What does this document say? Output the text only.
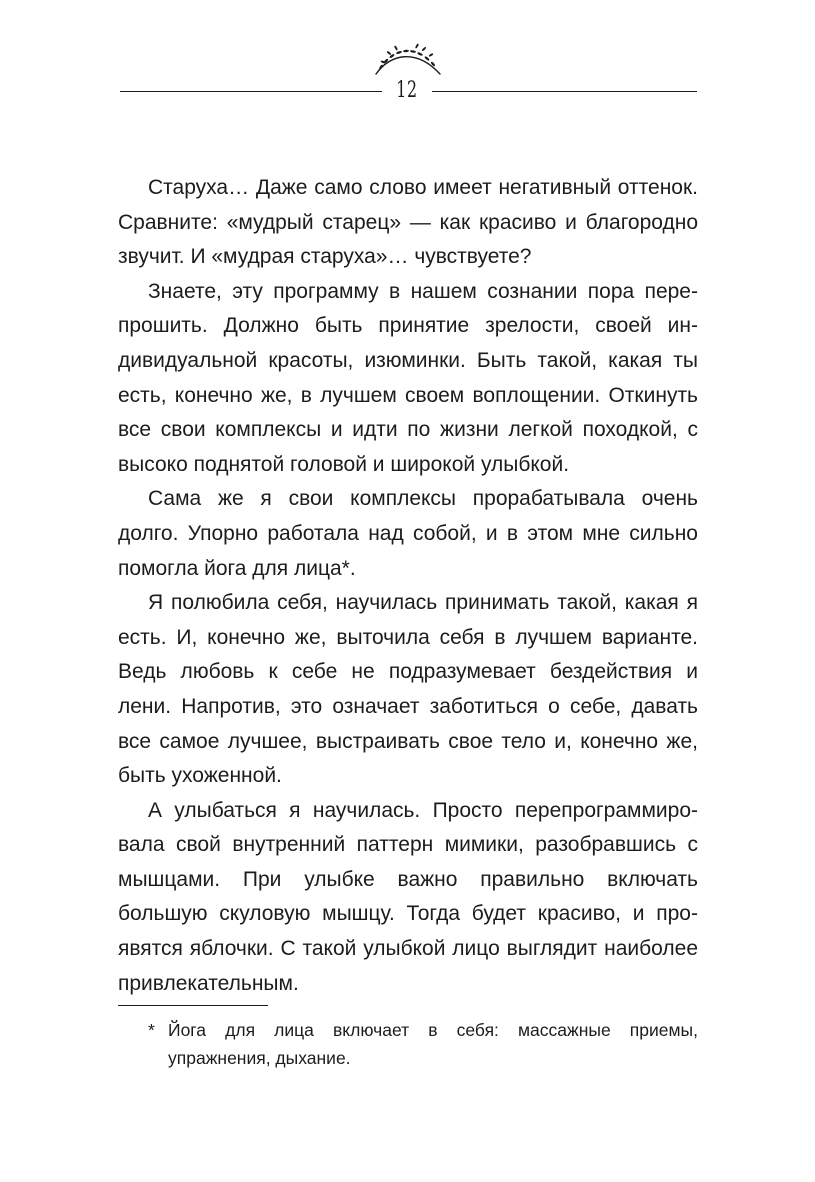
12

Старуха… Даже само слово имеет негативный оттенок. Сравните: «мудрый старец» — как красиво и благородно звучит. И «мудрая старуха»… чувствуете?

Знаете, эту программу в нашем сознании пора перепрошить. Должно быть принятие зрелости, своей индивидуальной красоты, изюминки. Быть такой, какая ты есть, конечно же, в лучшем своем воплощении. Откинуть все свои комплексы и идти по жизни легкой походкой, с высоко поднятой головой и широкой улыбкой.

Сама же я свои комплексы прорабатывала очень долго. Упорно работала над собой, и в этом мне сильно помогла йога для лица*.

Я полюбила себя, научилась принимать такой, какая я есть. И, конечно же, выточила себя в лучшем варианте. Ведь любовь к себе не подразумевает бездействия и лени. Напротив, это означает заботиться о себе, давать все самое лучшее, выстраивать свое тело и, конечно же, быть ухоженной.

А улыбаться я научилась. Просто перепрограммировала свой внутренний паттерн мимики, разобравшись с мышцами. При улыбке важно правильно включать большую скуловую мышцу. Тогда будет красиво, и проявятся яблочки. С такой улыбкой лицо выглядит наиболее привлекательным.

* Йога для лица включает в себя: массажные приемы, упражнения, дыхание.
